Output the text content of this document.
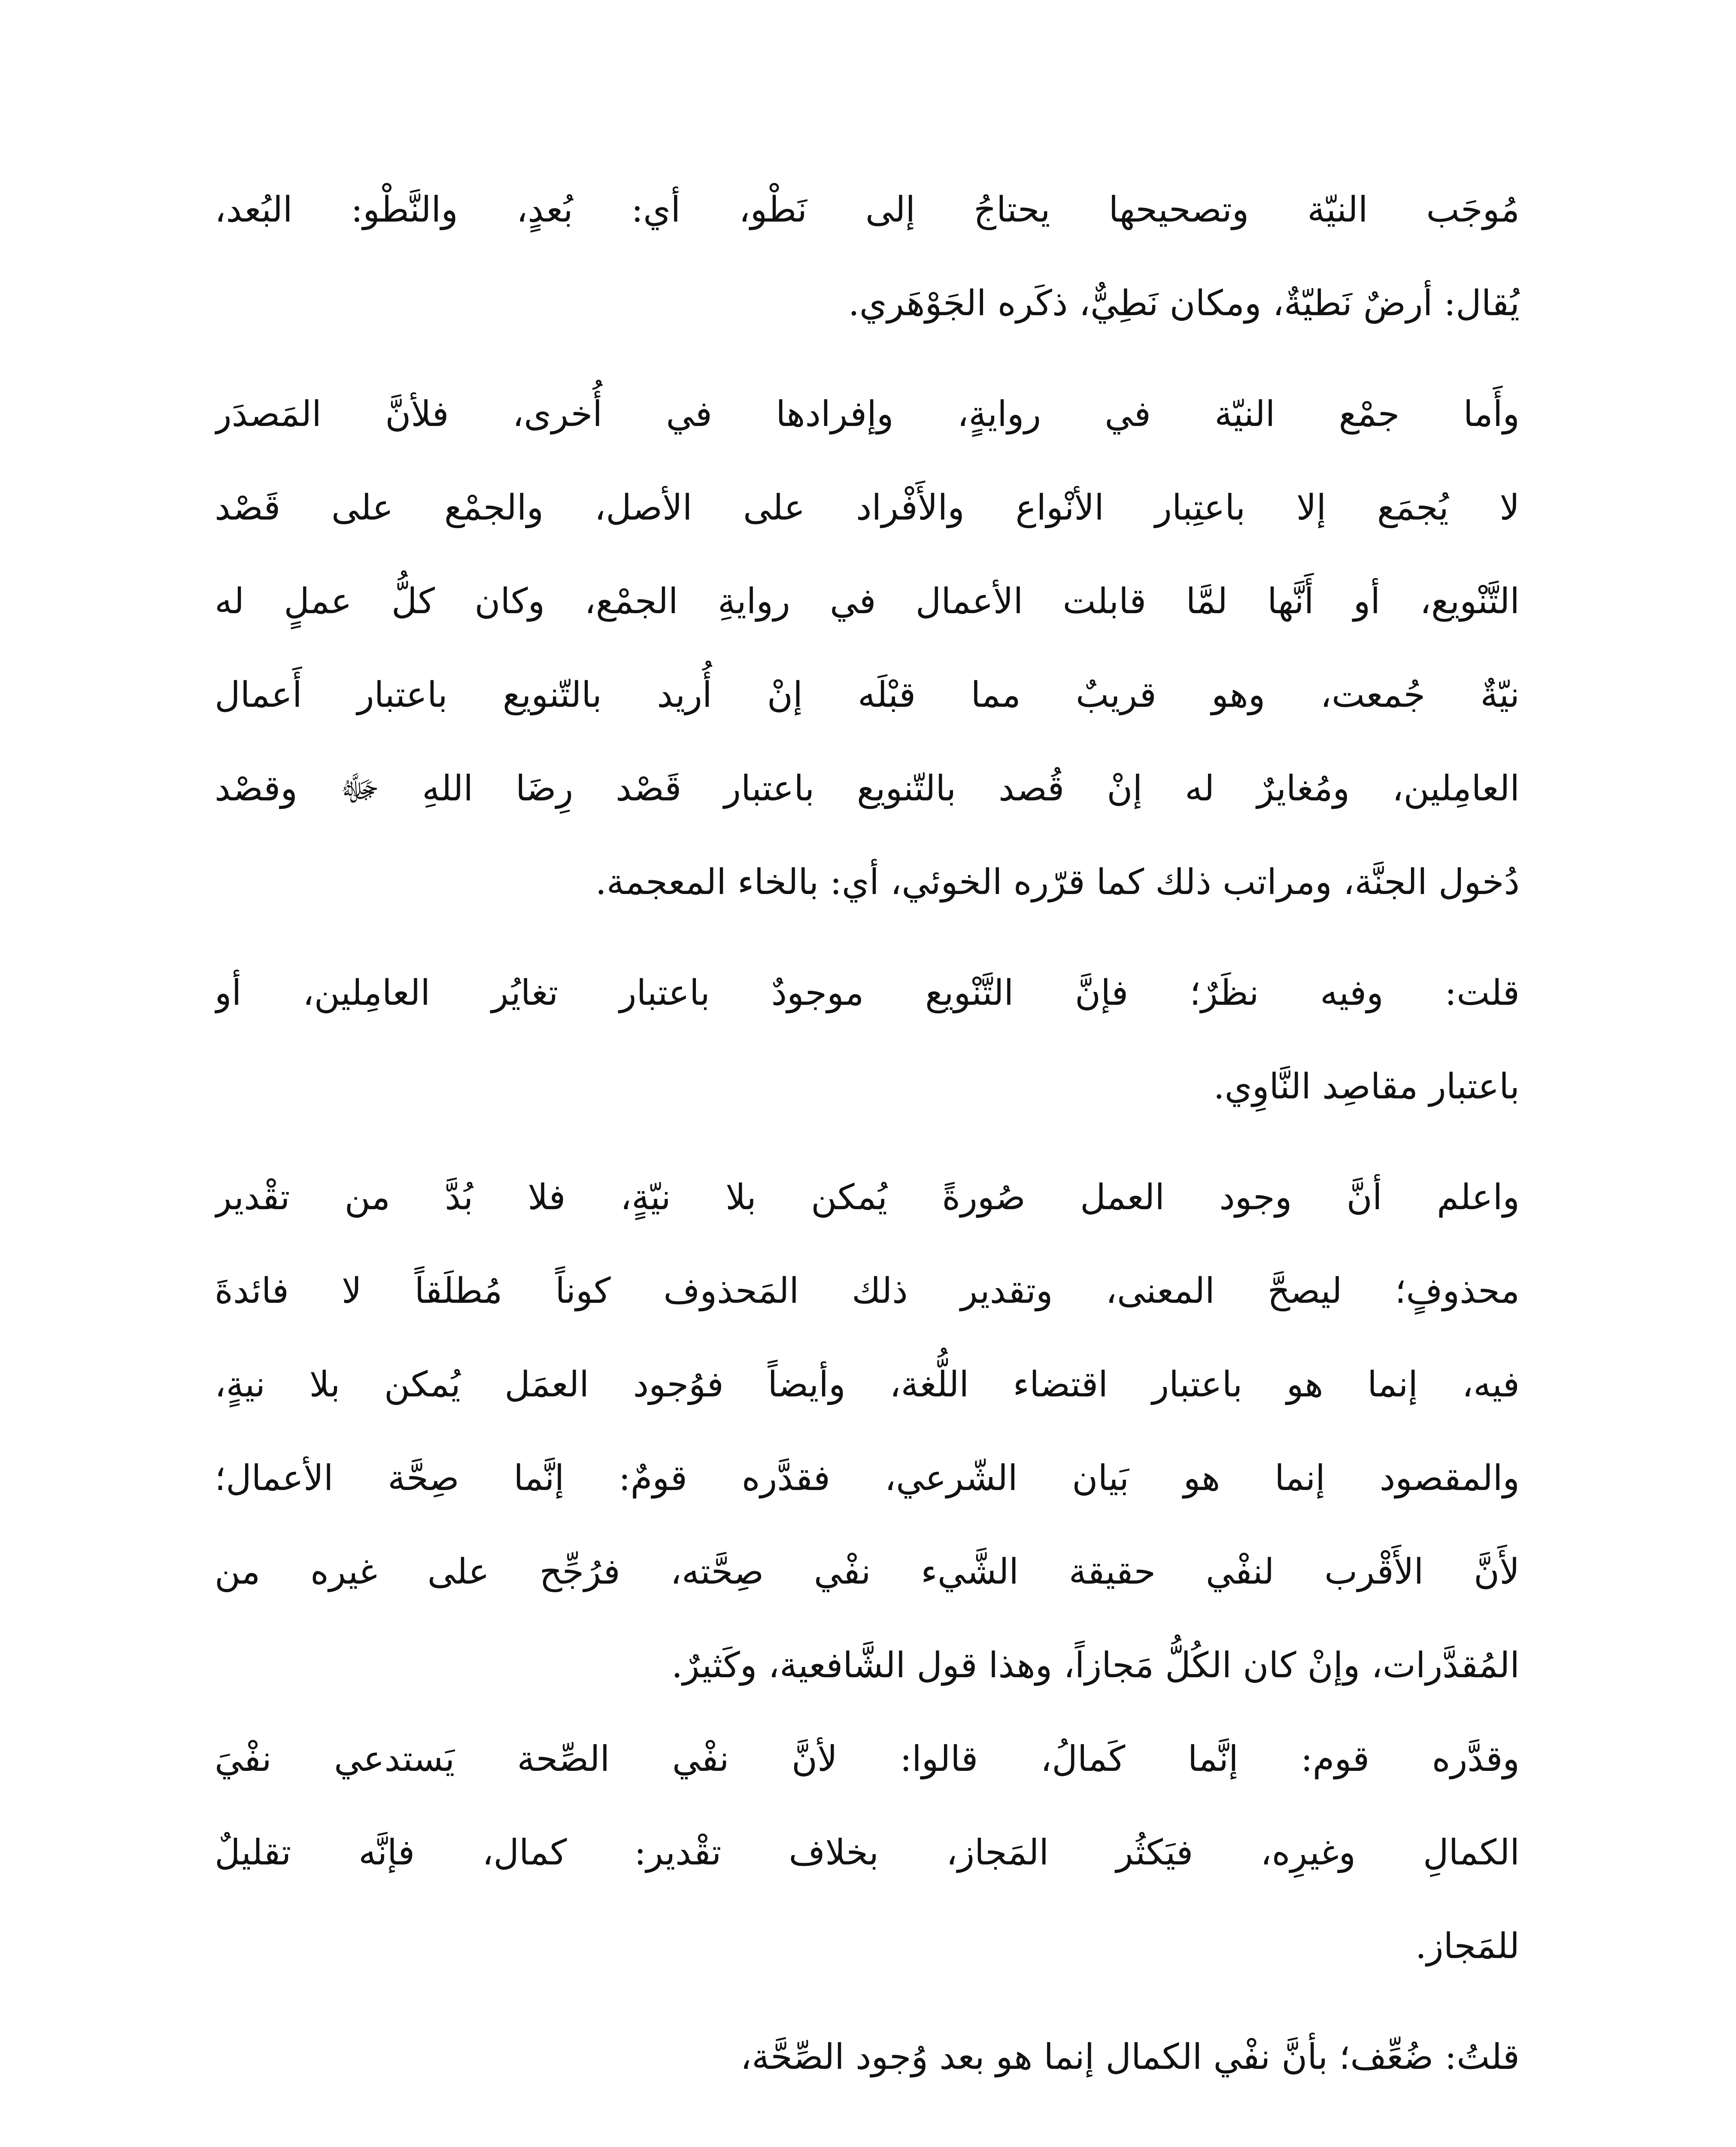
مُوجَب النيّة وتصحيحها يحتاجُ إلى نَطْو، أي: بُعدٍ، والنَّطْو: البُعد،
يُقال: أرضٌ نَطيّةٌ، ومكان نَطِيٌّ، ذكَره الجَوْهَري.
وأَما جمْع النيّة في روايةٍ، وإفرادها في أُخرى، فلأنَّ المَصدَر
لا يُجمَع إلا باعتِبار الأنْواع والأَفْراد على الأصل، والجمْع على قَصْد
التَّنْويع، أو أَنَّها لمَّا قابلت الأعمال في روايةِ الجمْع، وكان كلُّ عملٍ له
نيّةٌ جُمعت، وهو قريبٌ مما قبْلَه إنْ أُريد بالتّنويع باعتبار أَعمال
العامِلين، ومُغايرٌ له إنْ قُصد بالتّنويع باعتبار قَصْد رِضَا اللهِ ﷻ وقصْد
دُخول الجنَّة، ومراتب ذلك كما قرّره الخوئي، أي: بالخاء المعجمة.
قلت: وفيه نظَرٌ؛ فإنَّ التَّنْويع موجودٌ باعتبار تغايُر العامِلين، أو
باعتبار مقاصِد النَّاوِي.
واعلم أنَّ وجود العمل صُورةً يُمكن بلا نيّةٍ، فلا بُدَّ من تقْدير
محذوفٍ؛ ليصحَّ المعنى، وتقدير ذلك المَحذوف كوناً مُطلَقاً لا فائدةَ
فيه، إنما هو باعتبار اقتضاء اللُّغة، وأيضاً فوُجود العمَل يُمكن بلا نيةٍ،
والمقصود إنما هو بَيان الشّرعي، فقدَّره قومٌ: إنَّما صِحَّة الأعمال؛
لأَنَّ الأَقْرب لنفْي حقيقة الشَّيء نفْي صِحَّته، فرُجِّح على غيره من
المُقدَّرات، وإنْ كان الكُلُّ مَجازاً، وهذا قول الشَّافعية، وكَثيرٌ.
وقدَّره قوم: إنَّما كَمالُ، قالوا: لأنَّ نفْي الصِّحة يَستدعي نفْيَ
الكمالِ وغيرِه، فيَكثُر المَجاز، بخلاف تقْدير: كمال، فإنَّه تقليلٌ
للمَجاز.
قلتُ: ضُعِّف؛ بأنَّ نفْي الكمال إنما هو بعد وُجود الصِّحَّة،
